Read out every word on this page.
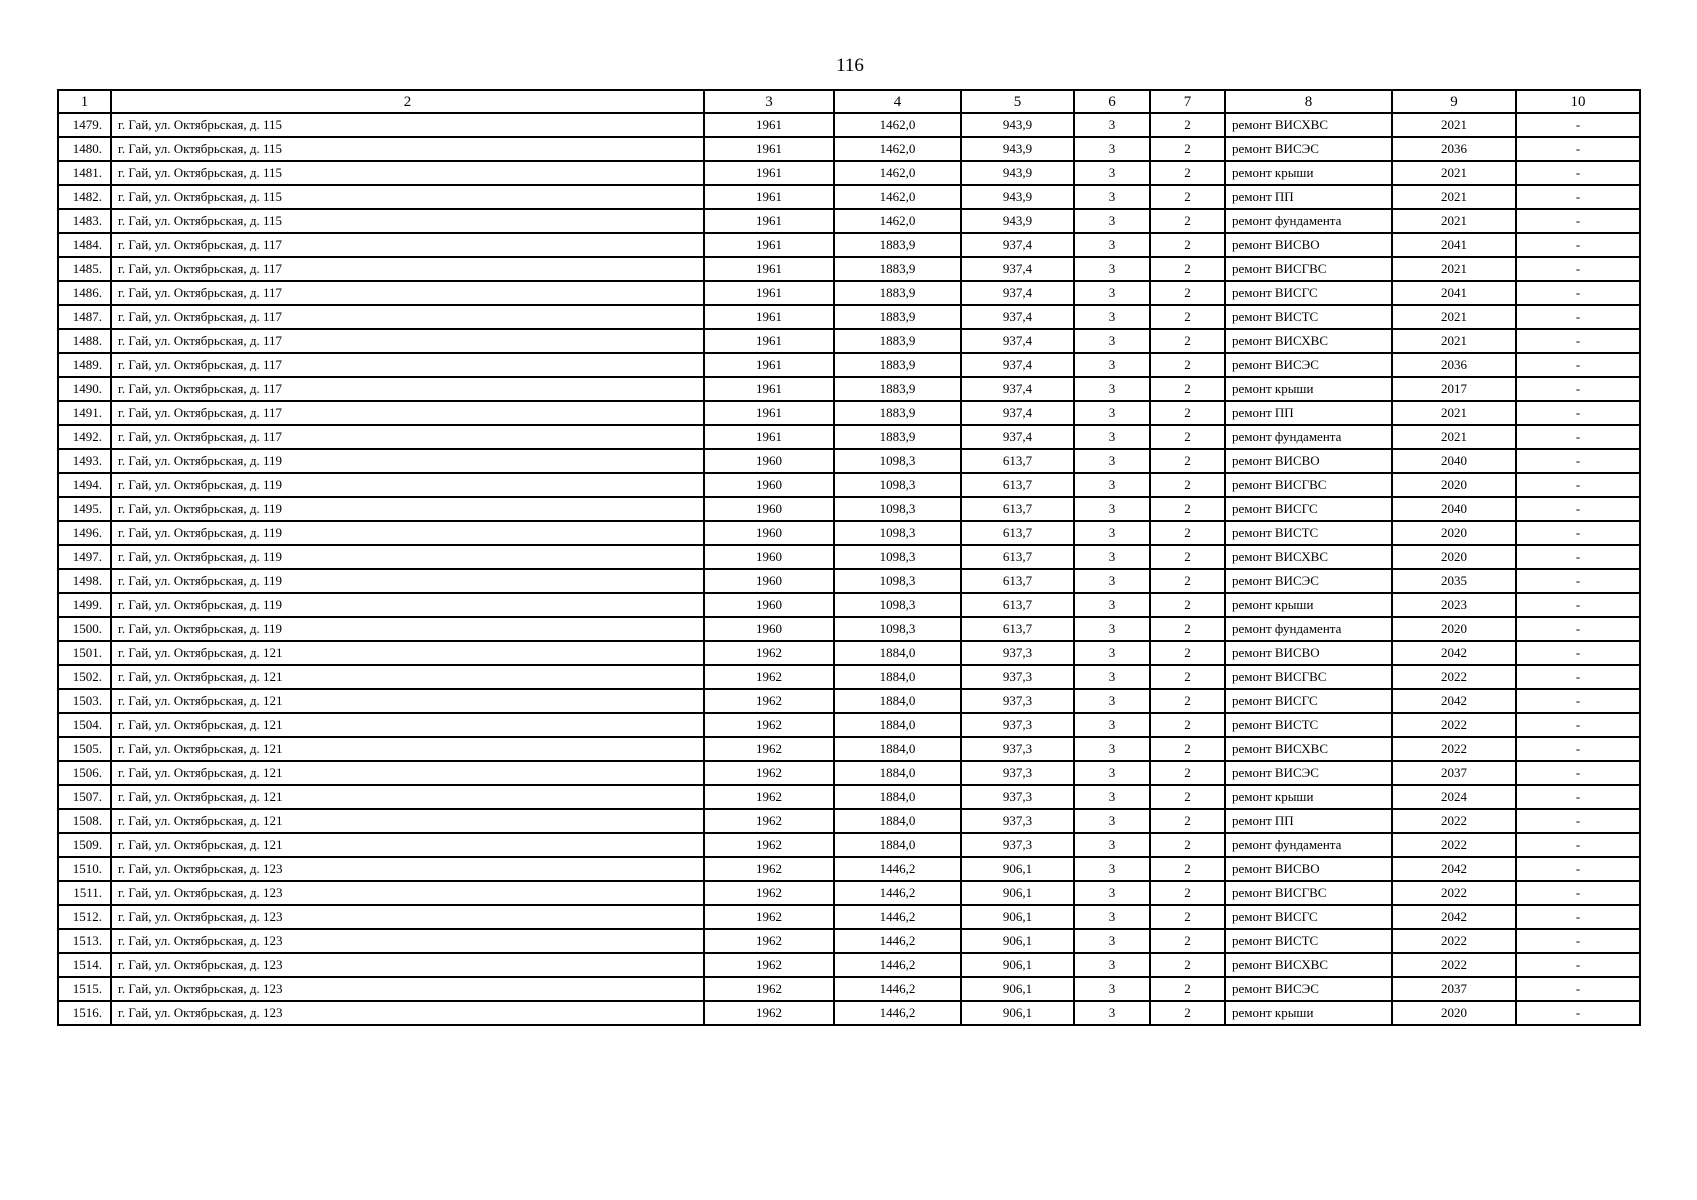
116
1	2	3	4	5	6	7	8	9	10
1479.	г. Гай, ул. Октябрьская, д. 115	1961	1462,0	943,9	3	2	ремонт ВИСХВС	2021	-
1480.	г. Гай, ул. Октябрьская, д. 115	1961	1462,0	943,9	3	2	ремонт ВИСЭС	2036	-
1481.	г. Гай, ул. Октябрьская, д. 115	1961	1462,0	943,9	3	2	ремонт крыши	2021	-
1482.	г. Гай, ул. Октябрьская, д. 115	1961	1462,0	943,9	3	2	ремонт ПП	2021	-
1483.	г. Гай, ул. Октябрьская, д. 115	1961	1462,0	943,9	3	2	ремонт фундамента	2021	-
1484.	г. Гай, ул. Октябрьская, д. 117	1961	1883,9	937,4	3	2	ремонт ВИСВО	2041	-
1485.	г. Гай, ул. Октябрьская, д. 117	1961	1883,9	937,4	3	2	ремонт ВИСГВС	2021	-
1486.	г. Гай, ул. Октябрьская, д. 117	1961	1883,9	937,4	3	2	ремонт ВИСГС	2041	-
1487.	г. Гай, ул. Октябрьская, д. 117	1961	1883,9	937,4	3	2	ремонт ВИСТС	2021	-
1488.	г. Гай, ул. Октябрьская, д. 117	1961	1883,9	937,4	3	2	ремонт ВИСХВС	2021	-
1489.	г. Гай, ул. Октябрьская, д. 117	1961	1883,9	937,4	3	2	ремонт ВИСЭС	2036	-
1490.	г. Гай, ул. Октябрьская, д. 117	1961	1883,9	937,4	3	2	ремонт крыши	2017	-
1491.	г. Гай, ул. Октябрьская, д. 117	1961	1883,9	937,4	3	2	ремонт ПП	2021	-
1492.	г. Гай, ул. Октябрьская, д. 117	1961	1883,9	937,4	3	2	ремонт фундамента	2021	-
1493.	г. Гай, ул. Октябрьская, д. 119	1960	1098,3	613,7	3	2	ремонт ВИСВО	2040	-
1494.	г. Гай, ул. Октябрьская, д. 119	1960	1098,3	613,7	3	2	ремонт ВИСГВС	2020	-
1495.	г. Гай, ул. Октябрьская, д. 119	1960	1098,3	613,7	3	2	ремонт ВИСГС	2040	-
1496.	г. Гай, ул. Октябрьская, д. 119	1960	1098,3	613,7	3	2	ремонт ВИСТС	2020	-
1497.	г. Гай, ул. Октябрьская, д. 119	1960	1098,3	613,7	3	2	ремонт ВИСХВС	2020	-
1498.	г. Гай, ул. Октябрьская, д. 119	1960	1098,3	613,7	3	2	ремонт ВИСЭС	2035	-
1499.	г. Гай, ул. Октябрьская, д. 119	1960	1098,3	613,7	3	2	ремонт крыши	2023	-
1500.	г. Гай, ул. Октябрьская, д. 119	1960	1098,3	613,7	3	2	ремонт фундамента	2020	-
1501.	г. Гай, ул. Октябрьская, д. 121	1962	1884,0	937,3	3	2	ремонт ВИСВО	2042	-
1502.	г. Гай, ул. Октябрьская, д. 121	1962	1884,0	937,3	3	2	ремонт ВИСГВС	2022	-
1503.	г. Гай, ул. Октябрьская, д. 121	1962	1884,0	937,3	3	2	ремонт ВИСГС	2042	-
1504.	г. Гай, ул. Октябрьская, д. 121	1962	1884,0	937,3	3	2	ремонт ВИСТС	2022	-
1505.	г. Гай, ул. Октябрьская, д. 121	1962	1884,0	937,3	3	2	ремонт ВИСХВС	2022	-
1506.	г. Гай, ул. Октябрьская, д. 121	1962	1884,0	937,3	3	2	ремонт ВИСЭС	2037	-
1507.	г. Гай, ул. Октябрьская, д. 121	1962	1884,0	937,3	3	2	ремонт крыши	2024	-
1508.	г. Гай, ул. Октябрьская, д. 121	1962	1884,0	937,3	3	2	ремонт ПП	2022	-
1509.	г. Гай, ул. Октябрьская, д. 121	1962	1884,0	937,3	3	2	ремонт фундамента	2022	-
1510.	г. Гай, ул. Октябрьская, д. 123	1962	1446,2	906,1	3	2	ремонт ВИСВО	2042	-
1511.	г. Гай, ул. Октябрьская, д. 123	1962	1446,2	906,1	3	2	ремонт ВИСГВС	2022	-
1512.	г. Гай, ул. Октябрьская, д. 123	1962	1446,2	906,1	3	2	ремонт ВИСГС	2042	-
1513.	г. Гай, ул. Октябрьская, д. 123	1962	1446,2	906,1	3	2	ремонт ВИСТС	2022	-
1514.	г. Гай, ул. Октябрьская, д. 123	1962	1446,2	906,1	3	2	ремонт ВИСХВС	2022	-
1515.	г. Гай, ул. Октябрьская, д. 123	1962	1446,2	906,1	3	2	ремонт ВИСЭС	2037	-
1516.	г. Гай, ул. Октябрьская, д. 123	1962	1446,2	906,1	3	2	ремонт крыши	2020	-
